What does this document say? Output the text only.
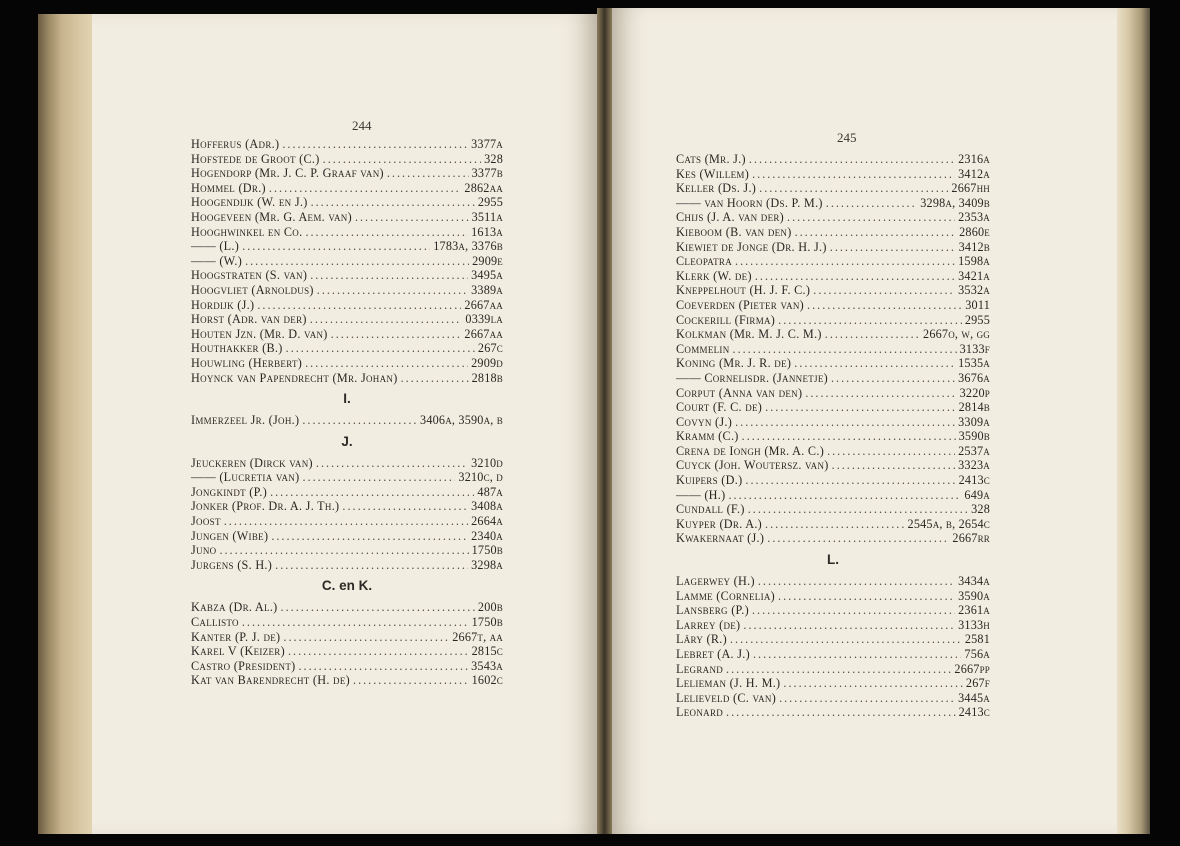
244
Hofferus (Adr.) .....	3377a
Hofstede de Groot (C.) .....	328
Hogendorp (Mr. J. C. P. Graaf van) .....	3377b
Hommel (Dr.) .....	2862aa
Hoogendijk (W. en J.) .....	2955
Hoogeveen (Mr. G. Aem. van) .....	3511a
Hooghwinkel en Co. .....	1613a
—— (L.) .....	1783a, 3376b
—— (W.) .....	2909e
Hoogstraten (S. van) .....	3495a
Hoogvliet (Arnoldus) .....	3389a
Hordijk (J.) .....	2667aa
Horst (Adr. van der) .....	0339la
Houten Jzn. (Mr. D. van) .....	2667aa
Houthakker (B.) .....	267c
Houwling (Herbert) .....	2909d
Hoynck van Papendrecht (Mr. Johan) .....	2818b
I.
Immerzeel Jr. (Joh.) .....	3406a, 3590a, b
J.
Jeuckeren (Dirck van) .....	3210d
—— (Lucretia van) .....	3210c, d
Jongkindt (P.) .....	487a
Jonker (Prof. Dr. A. J. Th.) .....	3408a
Joost .....	2664a
Jungen (Wibe) .....	2340a
Juno .....	1750b
Jurgens (S. H.) .....	3298a
C. en K.
Kabza (Dr. Al.) .....	200b
Callisto .....	1750b
Kanter (P. J. de) .....	2667t, aa
Karel V (Keizer) .....	2815c
Castro (President) .....	3543a
Kat van Barendrecht (H. de) .....	1602c
245
Cats (Mr. J.) .....	2316a
Kes (Willem) .....	3412a
Keller (Ds. J.) .....	2667hh
—— van Hoorn (Ds. P. M.) .....	3298a, 3409b
Chijs (J. A. van der) .....	2353a
Kieboom (B. van den) .....	2860e
Kiewiet de Jonge (Dr. H. J.) .....	3412b
Cleopatra .....	1598a
Klerk (W. de) .....	3421a
Kneppelhout (H. J. F. C.) .....	3532a
Coeverden (Pieter van) .....	3011
Cockerill (Firma) .....	2955
Kolkman (Mr. M. J. C. M.) .....	2667o, w, gg
Commelin .....	3133f
Koning (Mr. J. R. de) .....	1535a
—— Cornelisdr. (Jannetje) .....	3676a
Corput (Anna van den) .....	3220p
Court (F. C. de) .....	2814b
Covyn (J.) .....	3309a
Kramm (C.) .....	3590b
Crena de Iongh (Mr. A. C.) .....	2537a
Cuyck (Joh. Woutersz. van) .....	3323a
Kuipers (D.) .....	2413c
—— (H.) .....	649a
Cundall (F.) .....	328
Kuyper (Dr. A.) .....	2545a, b, 2654c
Kwakernaat (J.) .....	2667rr
L.
Lagerwey (H.) .....	3434a
Lamme (Cornelia) .....	3590a
Lansberg (P.) .....	2361a
Larrey (de) .....	3133h
Läry (R.) .....	2581
Lebret (A. J.) .....	756a
Legrand .....	2667pp
Lelieman (J. H. M.) .....	267f
Lelieveld (C. van) .....	3445a
Leonard .....	2413c
